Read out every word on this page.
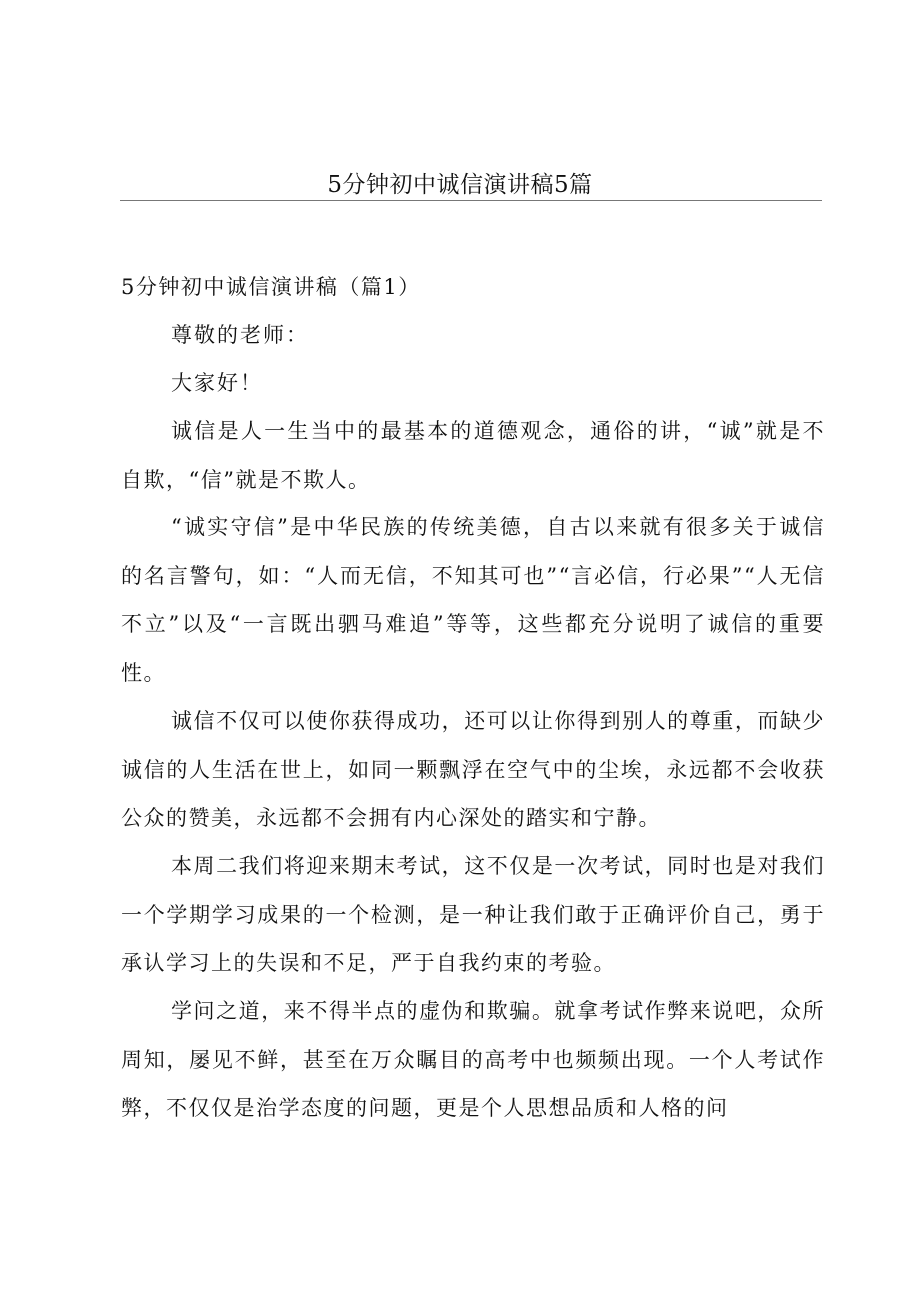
5分钟初中诚信演讲稿5篇
5分钟初中诚信演讲稿（篇1）

尊敬的老师：

大家好！

诚信是人一生当中的最基本的道德观念，通俗的讲，“诚”就是不自欺，“信”就是不欺人。

“诚实守信”是中华民族的传统美德，自古以来就有很多关于诚信的名言警句，如：“人而无信，不知其可也”“言必信，行必果”“人无信不立”以及“一言既出驷马难追”等等，这些都充分说明了诚信的重要性。

诚信不仅可以使你获得成功，还可以让你得到别人的尊重，而缺少诚信的人生活在世上，如同一颗飘浮在空气中的尘埃，永远都不会收获公众的赞美，永远都不会拥有内心深处的踏实和宁静。

本周二我们将迎来期末考试，这不仅是一次考试，同时也是对我们一个学期学习成果的一个检测，是一种让我们敢于正确评价自己，勇于承认学习上的失误和不足，严于自我约束的考验。

学问之道，来不得半点的虚伪和欺骗。就拿考试作弊来说吧，众所周知，屡见不鲜，甚至在万众瞩目的高考中也频频出现。一个人考试作弊，不仅仅是治学态度的问题，更是个人思想品质和人格的问
